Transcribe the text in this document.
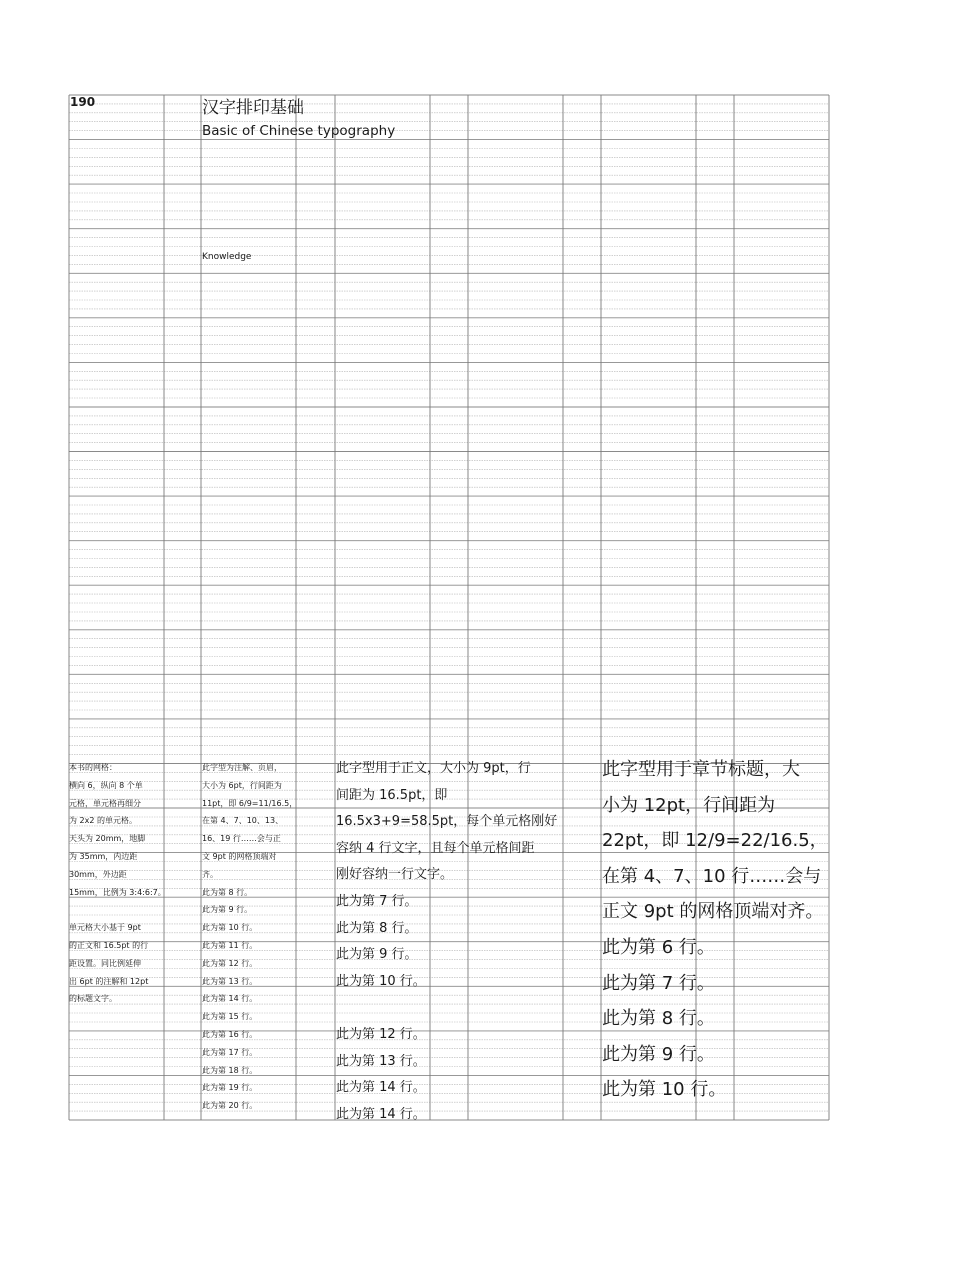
190	汉字排印基础
Basic of Chinese typography
Knowledge
本书的网格：
横向 6，纵向 8 个单
元格，单元格再细分
为 2x2 的单元格。
天头为 20mm，地脚
为 35mm，内边距
30mm，外边距
15mm，比例为 3:4:6:7。
单元格大小基于 9pt
的正文和 16.5pt 的行
距设置。同比例延伸
出 6pt 的注解和 12pt
的标题文字。
此字型为注解、页眉，
大小为 6pt，行间距为
11pt，即 6/9=11/16.5，
在第 4、7、10、13、
16、19 行……会与正
文 9pt 的网格顶端对
齐。
此为第 8 行。
此为第 9 行。
此为第 10 行。
此为第 11 行。
此为第 12 行。
此为第 13 行。
此为第 14 行。
此为第 15 行。
此为第 16 行。
此为第 17 行。
此为第 18 行。
此为第 19 行。
此为第 20 行。
此字型用于正文，大小为 9pt，行
间距为 16.5pt，即
16.5x3+9=58.5pt，每个单元格刚好
容纳 4 行文字，且每个单元格间距
刚好容纳一行文字。
此为第 7 行。
此为第 8 行。
此为第 9 行。
此为第 10 行。
此为第 12 行。
此为第 13 行。
此为第 14 行。
此为第 14 行。
此字型用于章节标题，大
小为 12pt，行间距为
22pt，即 12/9=22/16.5，
在第 4、7、10 行……会与
正文 9pt 的网格顶端对齐。
此为第 6 行。
此为第 7 行。
此为第 8 行。
此为第 9 行。
此为第 10 行。
